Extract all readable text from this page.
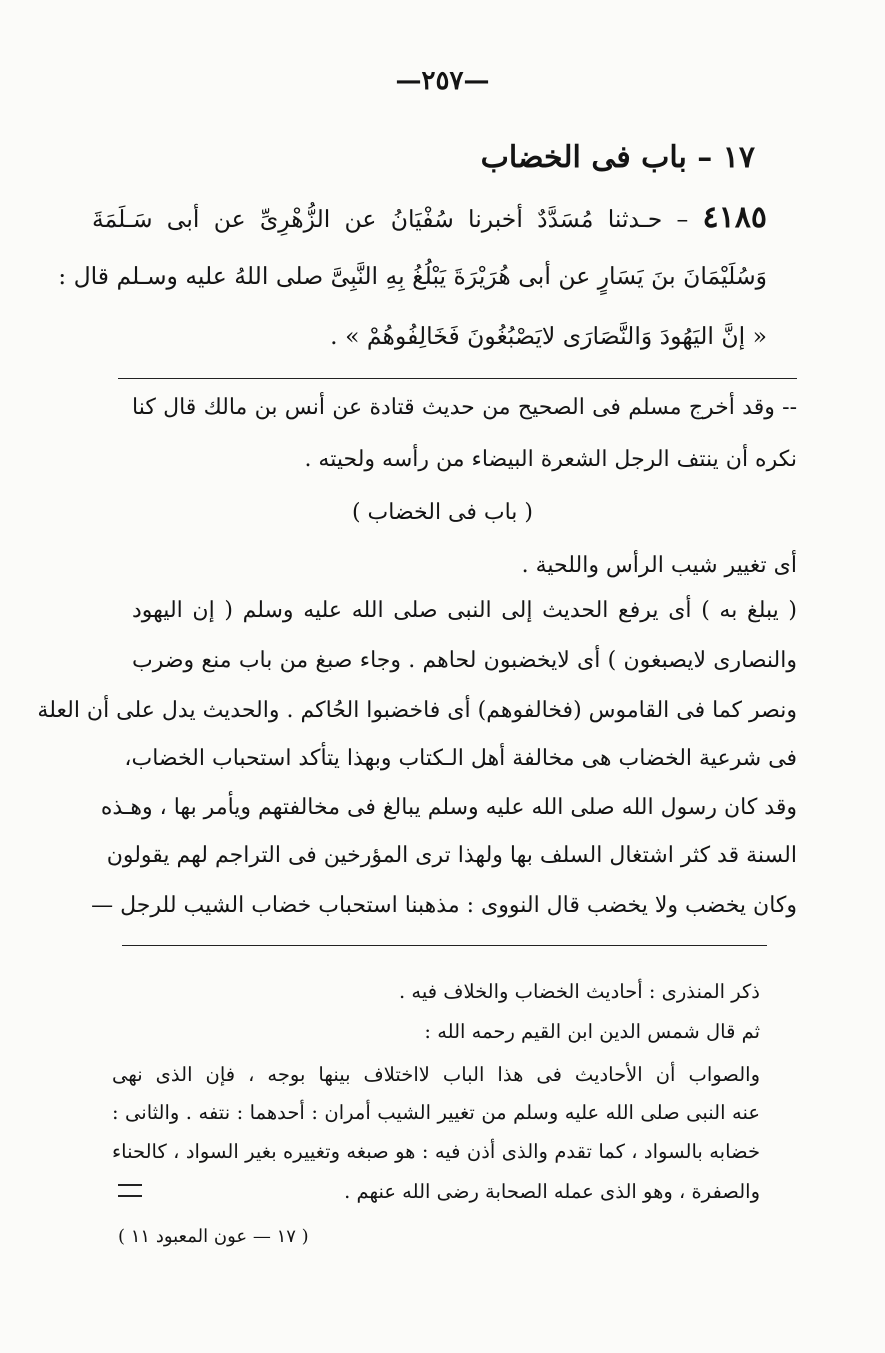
—٢٥٧—
١٧ – باب فى الخضاب
٤١٨٥ – حـدثنا مُسَدَّدٌ أخبرنا سُفْيَانُ عن الزُّهْرِىِّ عن أبى سَـلَمَةَ
وَسُلَيْمَانَ بنَ يَسَارٍ عن أبى هُرَيْرَةَ يَبْلُغُ بِهِ النَّبِىَّ صلى اللهُ عليه وسـلم قال :
« إنَّ اليَهُودَ وَالنَّصَارَى لايَصْبُغُونَ فَخَالِفُوهُمْ » .
-- وقد أخرج مسلم فى الصحيح من حديث قتادة عن أنس بن مالك قال كنا
نكره أن ينتف الرجل الشعرة البيضاء من رأسه ولحيته .
( باب فى الخضاب )
أى تغيير شيب الرأس واللحية .
( يبلغ به ) أى يرفع الحديث إلى النبى صلى الله عليه وسلم ( إن اليهود
والنصارى لايصبغون ) أى لايخضبون لحاهم . وجاء صبغ من باب منع وضرب
ونصر كما فى القاموس (فخالفوهم) أى فاخضبوا الحُاكم . والحديث يدل على أن العلة
فى شرعية الخضاب هى مخالفة أهل الـكتاب وبهذا يتأكد استحباب الخضاب،
وقد كان رسول الله صلى الله عليه وسلم يبالغ فى مخالفتهم ويأمر بها ، وهـذه
السنة قد كثر اشتغال السلف بها ولهذا ترى المؤرخين فى التراجم لهم يقولون
وكان يخضب ولا يخضب قال النووى : مذهبنا استحباب خضاب الشيب للرجل —
ذكر المنذرى : أحاديث الخضاب والخلاف فيه .
ثم قال شمس الدين ابن القيم رحمه الله :
والصواب أن الأحاديث فى هذا الباب لااختلاف بينها بوجه ، فإن الذى نهى
عنه النبى صلى الله عليه وسلم من تغيير الشيب أمران : أحدهما : نتفه . والثانى :
خضابه بالسواد ، كما تقدم والذى أذن فيه : هو صبغه وتغييره بغير السواد ، كالحناء
والصفرة ، وهو الذى عمله الصحابة رضى الله عنهم .
( ١٧ — عون المعبود ١١ )
